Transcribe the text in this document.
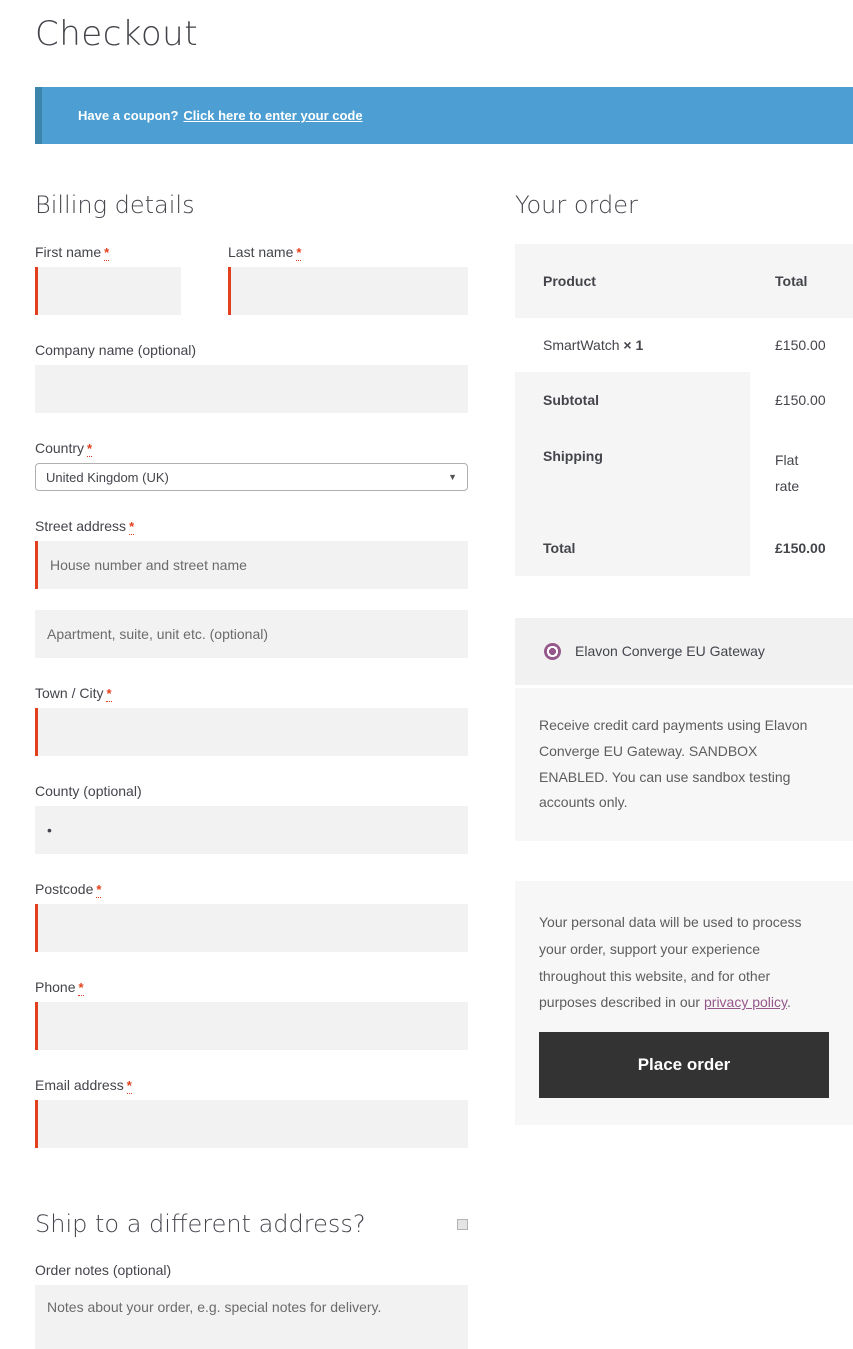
Checkout
Have a coupon? Click here to enter your code
Billing details
First name *	Last name *
Company name (optional)
Country *
United Kingdom (UK)	▼
Street address *
House number and street name
Apartment, suite, unit etc. (optional)
Town / City *
County (optional)
•
Postcode *
Phone *
Email address *
Ship to a different address?
Order notes (optional)
Notes about your order, e.g. special notes for delivery.
Your order
Product	Total
SmartWatch × 1	£150.00
Subtotal	£150.00
Shipping	Flat rate
Total	£150.00
Elavon Converge EU Gateway
Receive credit card payments using Elavon Converge EU Gateway. SANDBOX ENABLED. You can use sandbox testing accounts only.

Your personal data will be used to process your order, support your experience throughout this website, and for other purposes described in our privacy policy.

Place order
